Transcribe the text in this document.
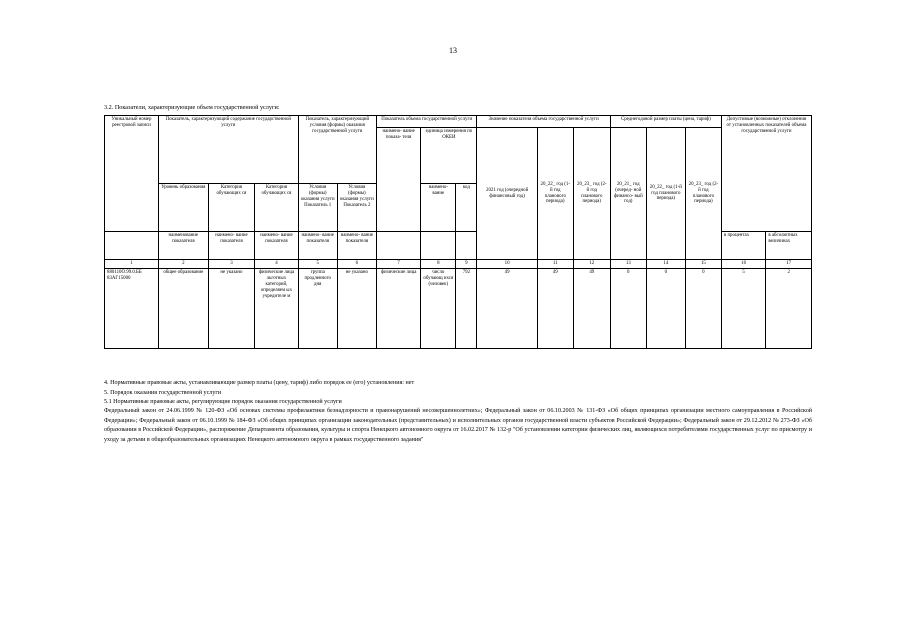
13
3.2. Показатели, характеризующие объем государственной услуги:
Уникальный номер реестровой записи	Показатель, характеризующий содержание государственной услуги			Показатель, характеризующий условия (формы) оказания государственной услуги		Показатель объема государственной услуги			Значение показателя объема государственной услуги			Среднегодовой размер платы (цена, тариф)			Допустимые (возможные) отклонения от установленных показателей объема государственной услуги	
						наимено- вание показа- теля	единица измерения по ОКЕИ		2021 год (очередной финансовый год)	20_22_ год (1-й год планового периода)	20_23_ год (2-й год планового периода)	20_21_ год (очеред- ной финансо- вый год)	20_22_ год (1-й год планового периода)	20_23_ год (2-й год планового периода)		
	Уровень образования	Категория обучающих ся	Категория обучающих ся	Условия (формы) оказания услуги Показатель 1	Условия (формы) оказания услуги Показатель 2		наимено- вание	код								
	наименование показателя	наимено- вание показателя	наимено- вание показателя	наимено- вание показателя	наимено- вание показателя										в процентах	в абсолютных величинах
1	2	3	4	5	6	7	8	9	10	11	12	13	14	15	16	17
880110О.99.0.ББ 83АГ15000	общее образование	не указано	физические лица льготных категорий, определяем ых учредителе м	группа продленного дня	не указано	физические лица	число обучающ ихся (человек)	792	49	49	49	0	0	0	5	2
4. Нормативные правовые акты, устанавливающие размер платы (цену, тариф) либо порядок ее (его) установления: нет
5. Порядок оказания государственной услуги
5.1 Нормативные правовые акты, регулирующие порядок оказания государственной услуги
Федеральный закон от 24.06.1999 № 120-ФЗ «Об основах системы профилактики безнадзорности и правонарушений несовершеннолетних»; Федеральный закон от 06.10.2003 № 131-ФЗ «Об общих принципах организации местного самоуправления в Российской Федерации»; Федеральный закон от 06.10.1999 № 184-ФЗ «Об общих принципах организации законодательных (представительных) и исполнительных органов государственной власти субъектов Российской Федерации»; Федеральный закон от 29.12.2012 № 273-ФЗ «Об образовании в Российской Федерации», распоряжение Департамента образования, культуры и спорта Ненецкого автономного округа от 16.02.2017 № 132-р "Об установлении категории физических лиц, являющихся потребителями государственных услуг по присмотру и уходу за детьми в общеобразовательных организациях Ненецкого автономного округа в рамках государственного задания"
